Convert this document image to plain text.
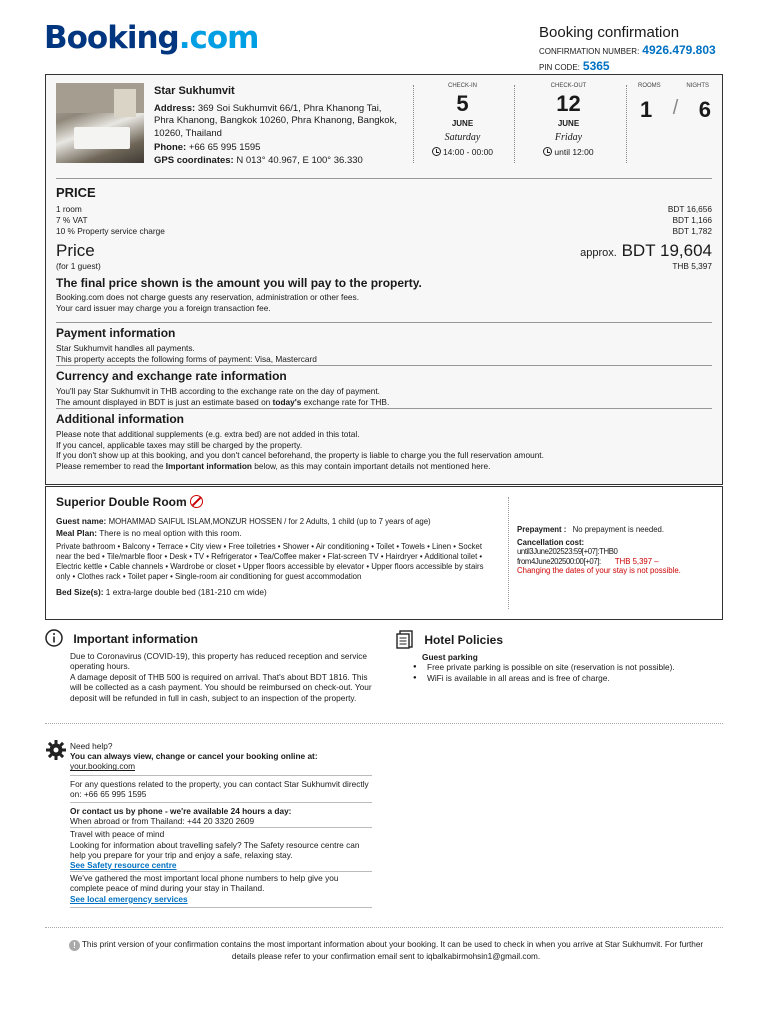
Booking.com	Booking confirmation
CONFIRMATION NUMBER: 4926.479.803
PIN CODE: 5365
Star Sukhumvit
Address: 369 Soi Sukhumvit 66/1, Phra Khanong Tai, Phra Khanong, Bangkok 10260, Phra Khanong, Bangkok, 10260, Thailand
Phone: +66 65 995 1595
GPS coordinates: N 013° 40.967, E 100° 36.330
CHECK-IN
5
JUNE
Saturday
14:00 - 00:00
CHECK-OUT
12
JUNE
Friday
until 12:00
ROOMS	NIGHTS
1 / 6
PRICE
1 room	BDT 16,656
7 % VAT	BDT 1,166
10 % Property service charge	BDT 1,782
Price	approx. BDT 19,604
(for 1 guest)	THB 5,397
The final price shown is the amount you will pay to the property.

Booking.com does not charge guests any reservation, administration or other fees.

Your card issuer may charge you a foreign transaction fee.

Payment information

Star Sukhumvit handles all payments.

This property accepts the following forms of payment: Visa, Mastercard

Currency and exchange rate information

You'll pay Star Sukhumvit in THB according to the exchange rate on the day of payment.

The amount displayed in BDT is just an estimate based on today's exchange rate for THB.

Additional information

Please note that additional supplements (e.g. extra bed) are not added in this total.

If you cancel, applicable taxes may still be charged by the property.

If you don't show up at this booking, and you don't cancel beforehand, the property is liable to charge you the full reservation amount.

Please remember to read the Important information below, as this may contain important details not mentioned here.

Superior Double Room
Guest name: MOHAMMAD SAIFUL ISLAM,MONZUR HOSSEN / for 2 Adults, 1 child (up to 7 years of age)
Meal Plan: There is no meal option with this room.
Private bathroom • Balcony • Terrace • City view • Free toiletries • Shower • Air conditioning • Toilet • Towels • Linen • Socket near the bed • Tile/marble floor • Desk • TV • Refrigerator • Tea/Coffee maker • Flat-screen TV • Hairdryer • Additional toilet • Electric kettle • Cable channels • Wardrobe or closet • Upper floors accessible by elevator • Upper floors accessible by stairs only • Clothes rack • Toilet paper • Single-room air conditioning for guest accommodation
Bed Size(s): 1 extra-large double bed (181-210 cm wide)
Prepayment : No prepayment is needed.
Cancellation cost:
until3June202523:59[+07]:THB0
from4June202500:00[+07]: THB 5,397 –
Changing the dates of your stay is not possible.
Important information

Due to Coronavirus (COVID-19), this property has reduced reception and service operating hours.

A damage deposit of THB 500 is required on arrival. That's about BDT 1816. This will be collected as a cash payment. You should be reimbursed on check-out. Your deposit will be refunded in full in cash, subject to an inspection of the property.

Hotel Policies
Guest parking
● Free private parking is possible on site (reservation is not possible).
● WiFi is available in all areas and is free of charge.
Need help?
You can always view, change or cancel your booking online at:
your.booking.com
For any questions related to the property, you can contact Star Sukhumvit directly on: +66 65 995 1595
Or contact us by phone - we're available 24 hours a day:
When abroad or from Thailand: +44 20 3320 2609
Travel with peace of mind
Looking for information about travelling safely? The Safety resource centre can help you prepare for your trip and enjoy a safe, relaxing stay.
See Safety resource centre
We've gathered the most important local phone numbers to help give you complete peace of mind during your stay in Thailand.
See local emergency services
! This print version of your confirmation contains the most important information about your booking. It can be used to check in when you arrive at Star Sukhumvit. For further details please refer to your confirmation email sent to iqbalkabirmohsin1@gmail.com.
